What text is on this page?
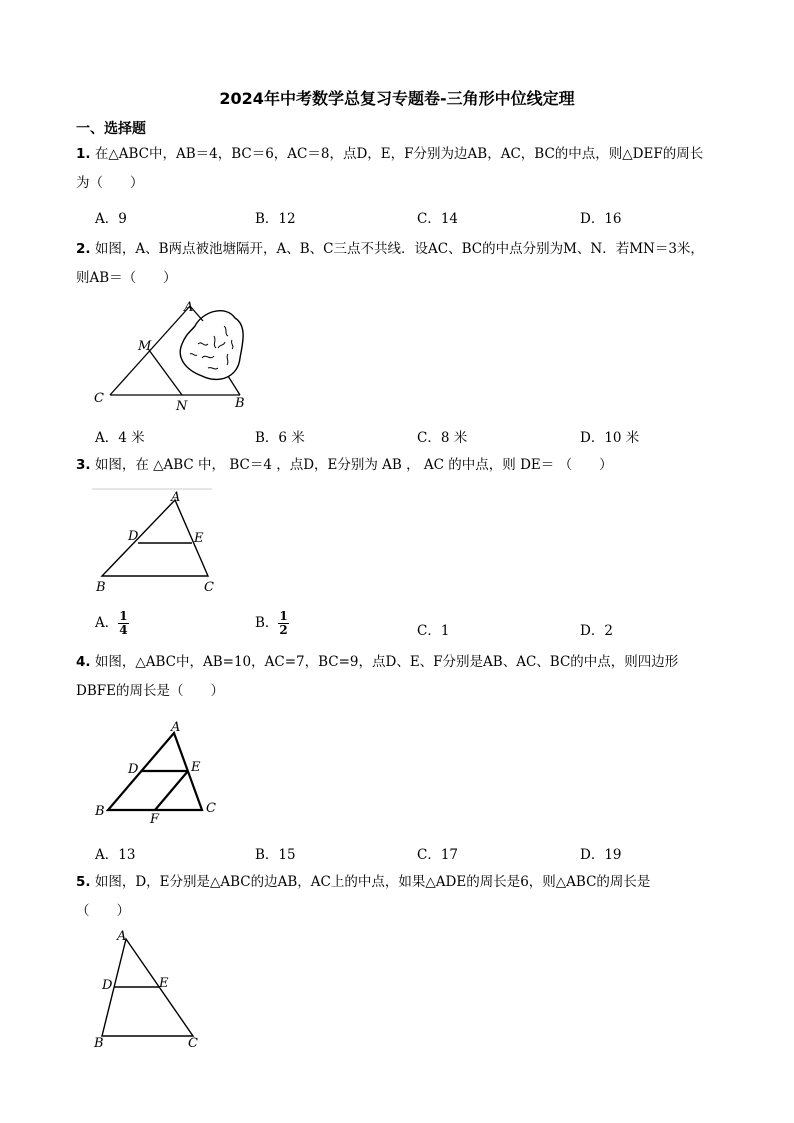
2024年中考数学总复习专题卷-三角形中位线定理
一、选择题
1. 在△ABC中，AB＝4，BC＝6，AC＝8，点D，E，F分别为边AB，AC，BC的中点，则△DEF的周长
为（　　）
A．9	B．12	C．14	D．16
2. 如图，A、B两点被池塘隔开，A、B、C三点不共线．设AC、BC的中点分别为M、N．若MN＝3米，
则AB＝（　　）
A
M
C
N	B
A．4 米	B．6 米	C．8 米	D．10 米
3. 如图，在 △ABC 中， BC＝4 ，点D，E分别为 AB ， AC 的中点，则 DE＝ （　　）
A
D	E
B	C
A． $\frac{1}{4}$	B． $\frac{1}{2}$	C．1	D．2
4. 如图，△ABC中，AB=10，AC=7，BC=9，点D、E、F分别是AB、AC、BC的中点，则四边形
DBFE的周长是（　　）
A
D	E
B
F
C
A．13	B．15	C．17	D．19
5. 如图，D，E分别是△ABC的边AB，AC上的中点，如果△ADE的周长是6，则△ABC的周长是
（　　）
A
D	E
B	C
